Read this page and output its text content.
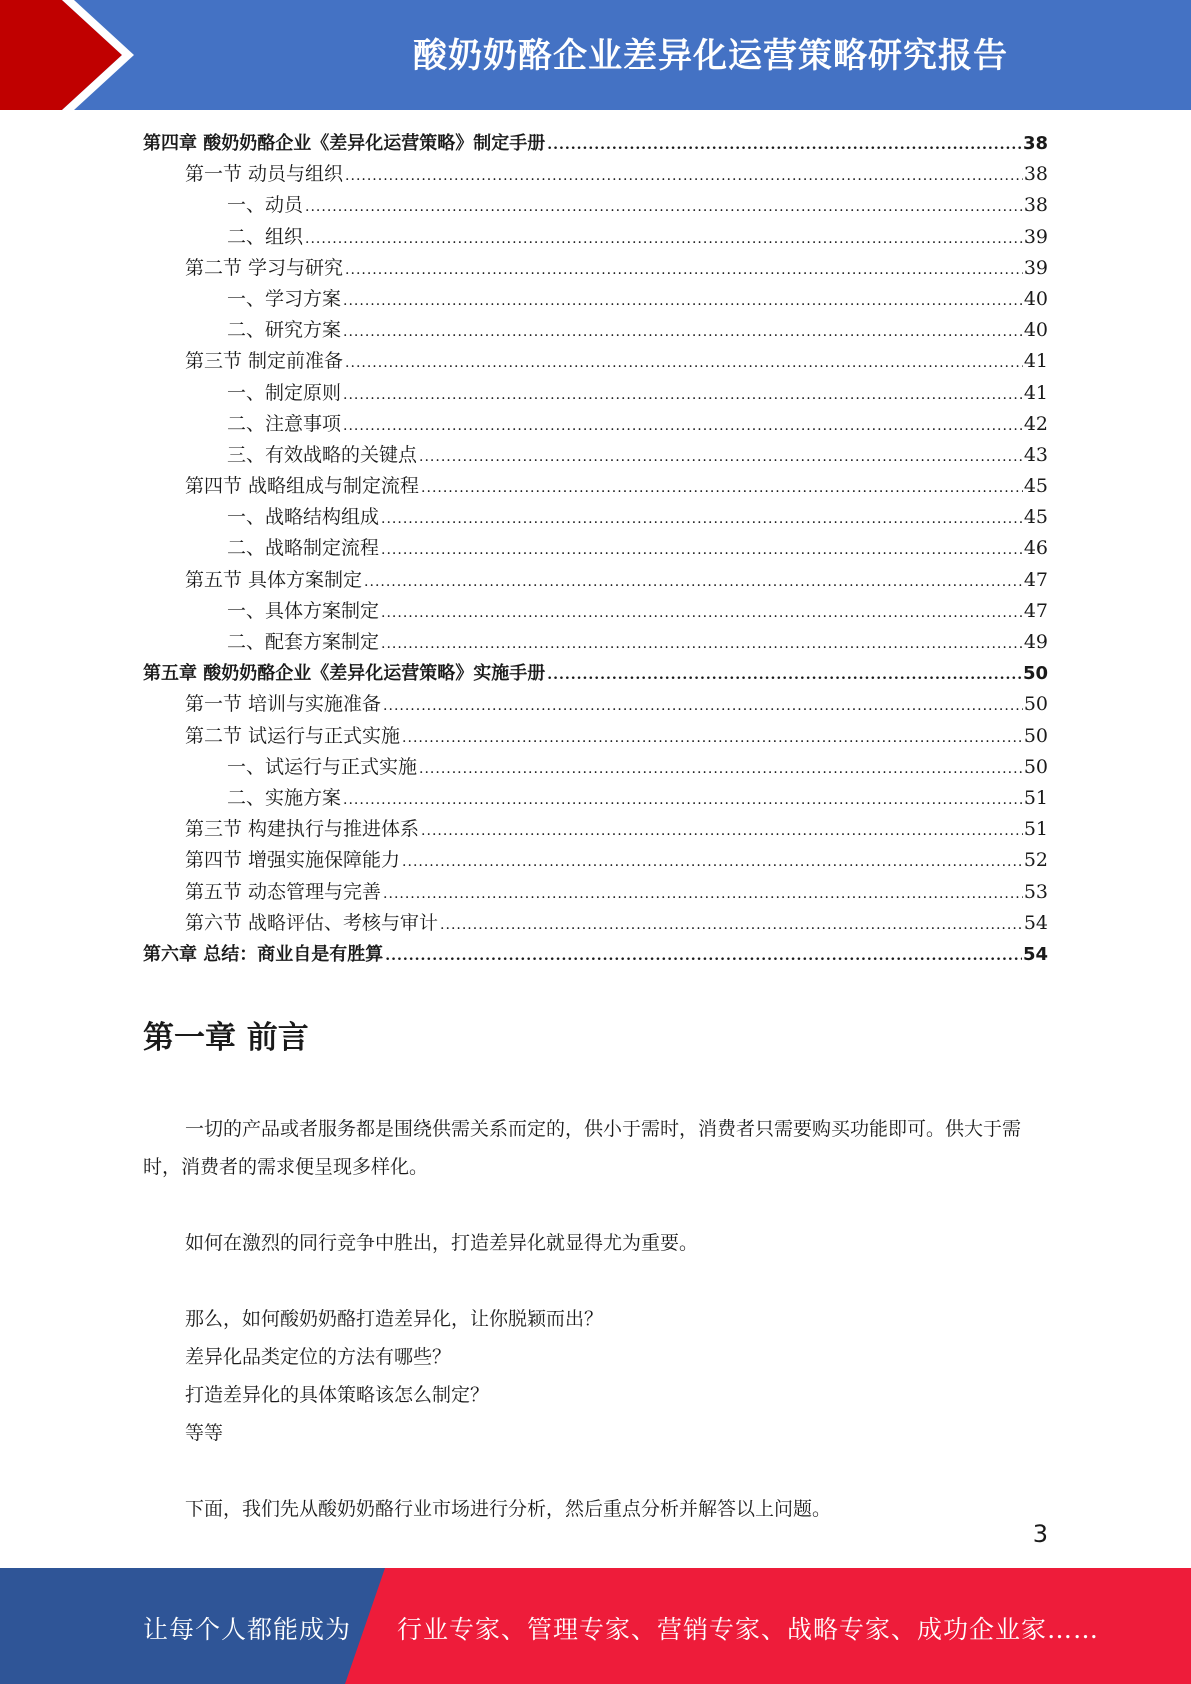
酸奶奶酪企业差异化运营策略研究报告
第四章 酸奶奶酪企业《差异化运营策略》制定手册 .....	38
第一节 动员与组织 .....	38
一、动员 .....	38
二、组织 .....	39
第二节 学习与研究 .....	39
一、学习方案 .....	40
二、研究方案 .....	40
第三节 制定前准备 .....	41
一、制定原则 .....	41
二、注意事项 .....	42
三、有效战略的关键点 .....	43
第四节 战略组成与制定流程 .....	45
一、战略结构组成 .....	45
二、战略制定流程 .....	46
第五节 具体方案制定 .....	47
一、具体方案制定 .....	47
二、配套方案制定 .....	49
第五章 酸奶奶酪企业《差异化运营策略》实施手册 .....	50
第一节 培训与实施准备 .....	50
第二节 试运行与正式实施 .....	50
一、试运行与正式实施 .....	50
二、实施方案 .....	51
第三节 构建执行与推进体系 .....	51
第四节 增强实施保障能力 .....	52
第五节 动态管理与完善 .....	53
第六节 战略评估、考核与审计 .....	54
第六章 总结：商业自是有胜算 .....	54
第一章 前言

一切的产品或者服务都是围绕供需关系而定的，供小于需时，消费者只需要购买功能即可。供大于需时，消费者的需求便呈现多样化。

如何在激烈的同行竞争中胜出，打造差异化就显得尤为重要。

那么，如何酸奶奶酪打造差异化，让你脱颖而出？

差异化品类定位的方法有哪些？

打造差异化的具体策略该怎么制定？

等等

下面，我们先从酸奶奶酪行业市场进行分析，然后重点分析并解答以上问题。

3
让每个人都能成为 行业专家、管理专家、营销专家、战略专家、成功企业家……
